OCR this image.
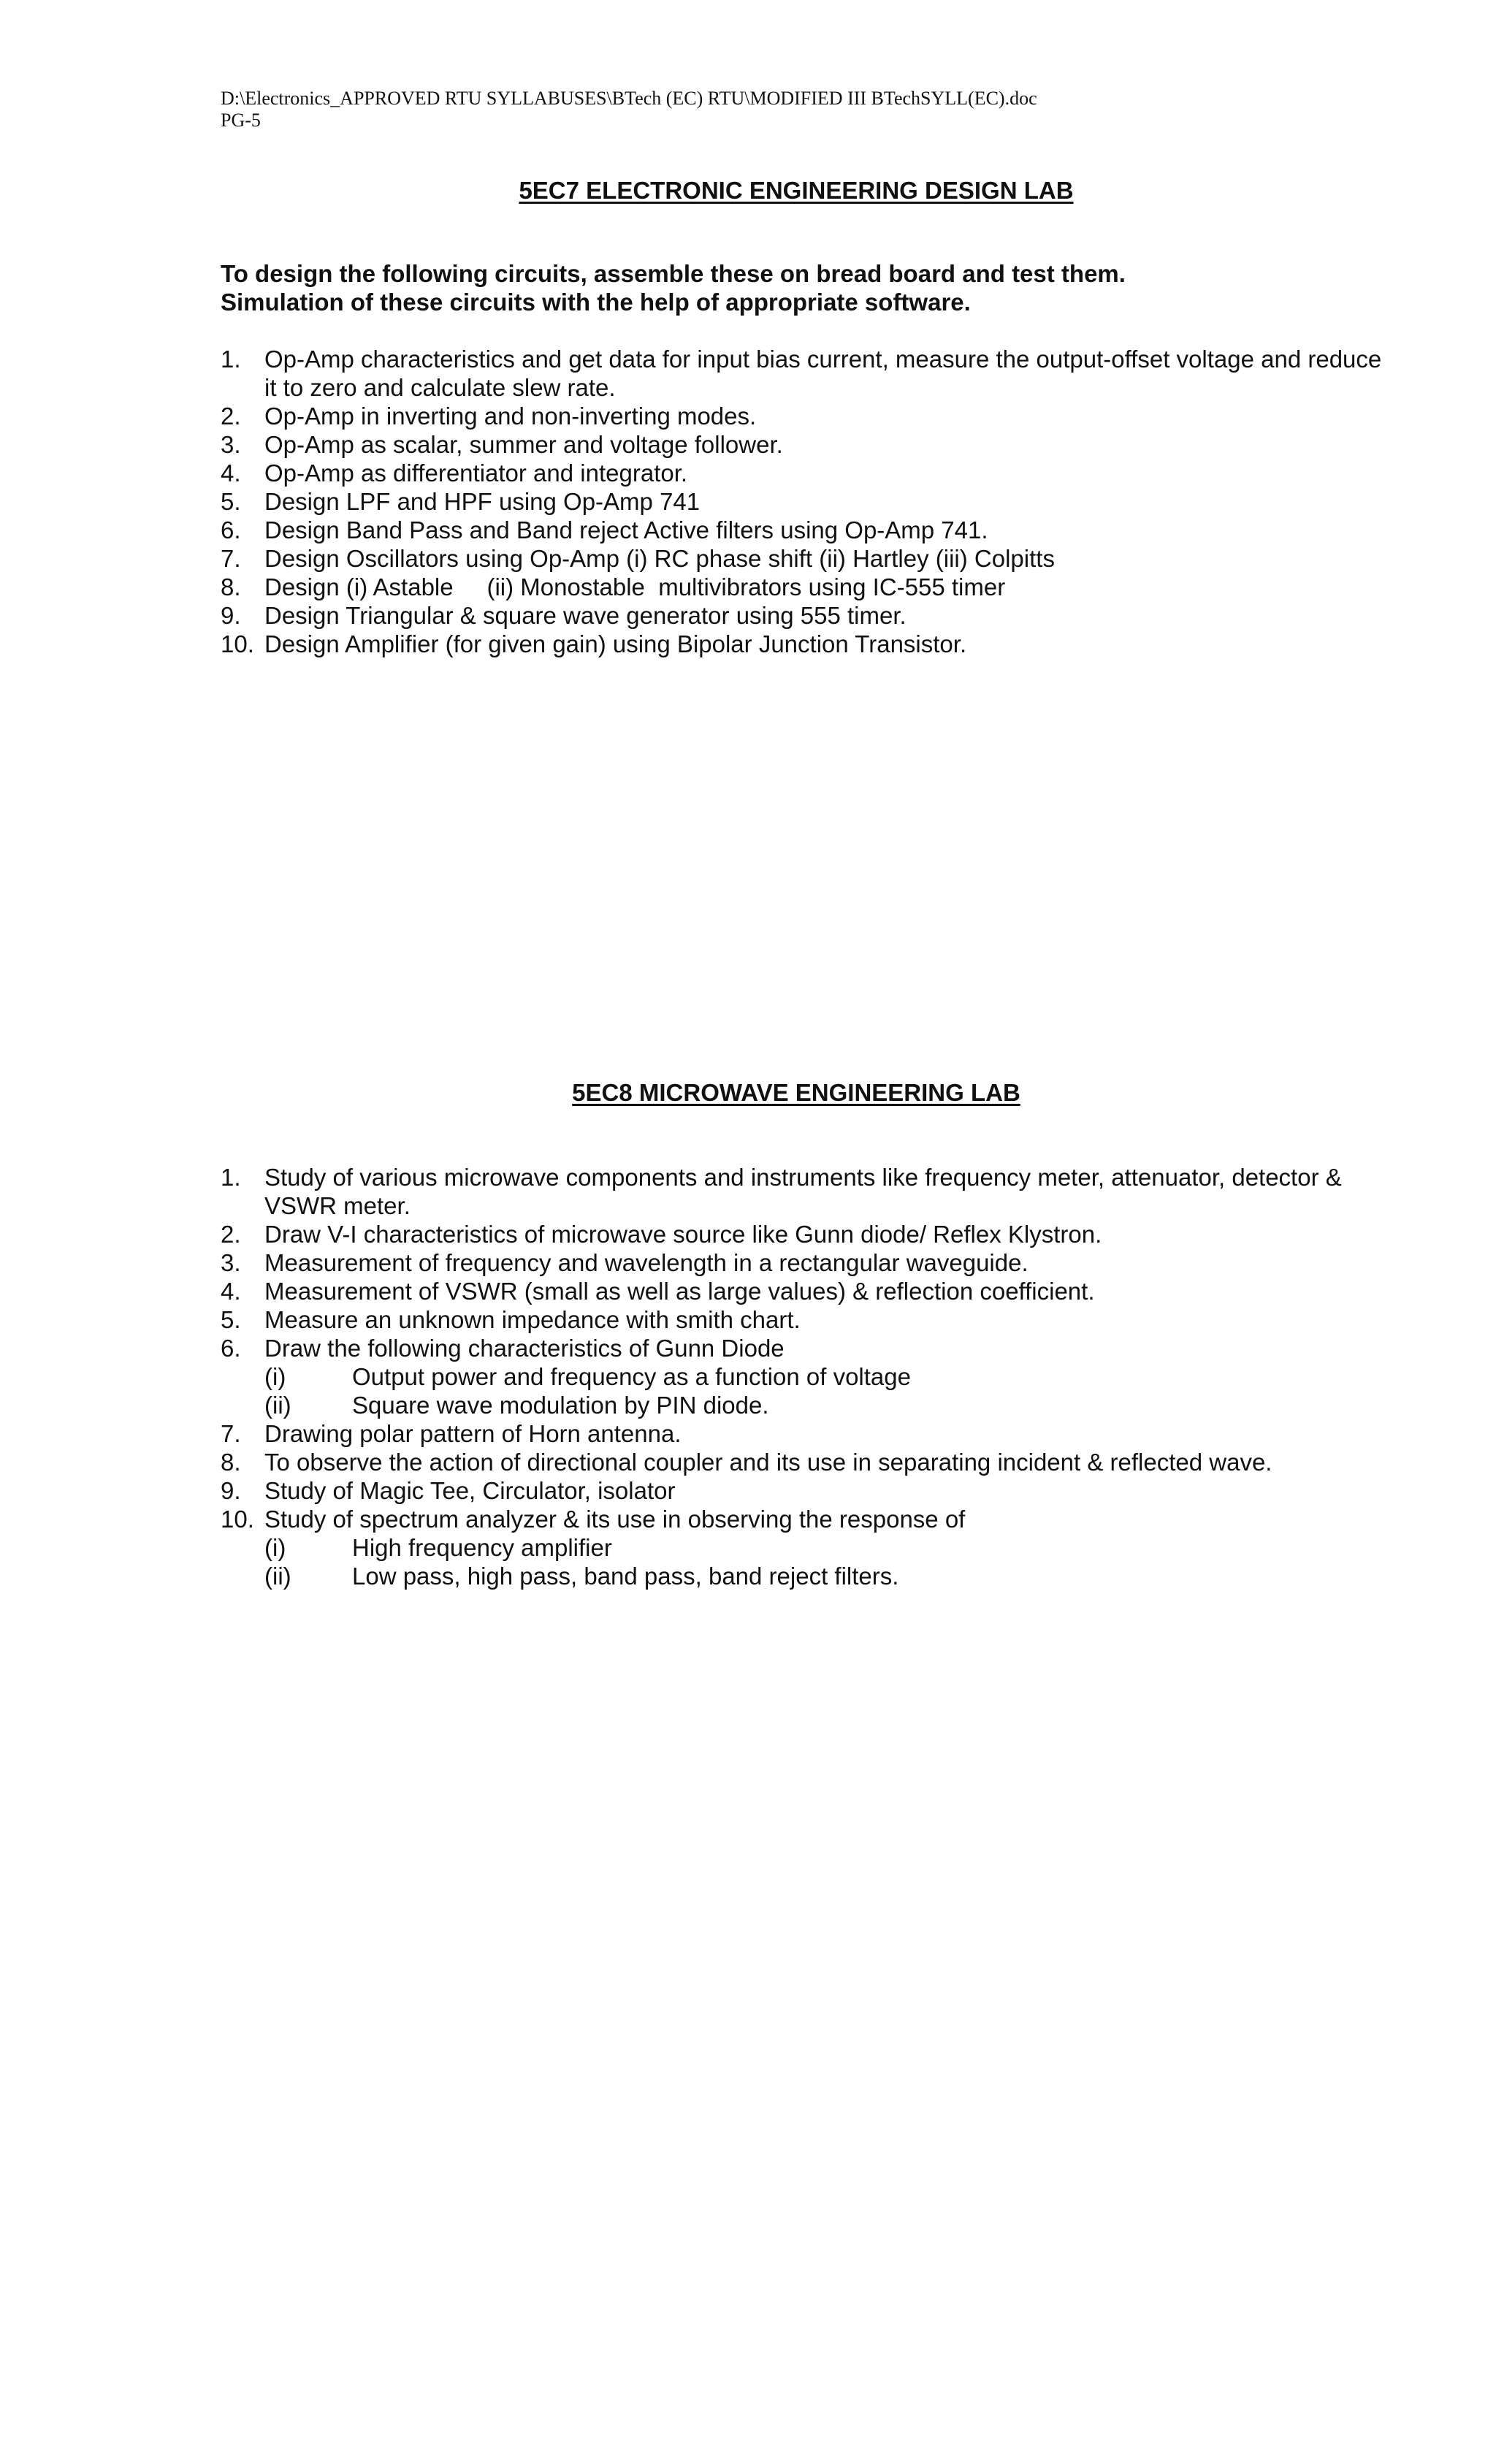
D:\Electronics_APPROVED RTU SYLLABUSES\BTech (EC) RTU\MODIFIED III BTechSYLL(EC).doc
PG-5
5EC7 ELECTRONIC ENGINEERING DESIGN LAB
To design the following circuits, assemble these on bread board and test them.
Simulation of these circuits with the help of appropriate software.
1. Op-Amp characteristics and get data for input bias current, measure the output-offset voltage and reduce it to zero and calculate slew rate.
2. Op-Amp in inverting and non-inverting modes.
3. Op-Amp as scalar, summer and voltage follower.
4. Op-Amp as differentiator and integrator.
5. Design LPF and HPF using Op-Amp 741
6. Design Band Pass and Band reject Active filters using Op-Amp 741.
7. Design Oscillators using Op-Amp (i) RC phase shift (ii) Hartley (iii) Colpitts
8. Design (i) Astable     (ii) Monostable  multivibrators using IC-555 timer
9. Design Triangular & square wave generator using 555 timer.
10. Design Amplifier (for given gain) using Bipolar Junction Transistor.
5EC8 MICROWAVE ENGINEERING LAB
1. Study of various microwave components and instruments like frequency meter, attenuator, detector & VSWR meter.
2. Draw V-I characteristics of microwave source like Gunn diode/ Reflex Klystron.
3. Measurement of frequency and wavelength in a rectangular waveguide.
4. Measurement of VSWR (small as well as large values) & reflection coefficient.
5. Measure an unknown impedance with smith chart.
6. Draw the following characteristics of Gunn Diode
(i)	Output power and frequency as a function of voltage
(ii)	Square wave modulation by PIN diode.
7. Drawing polar pattern of Horn antenna.
8. To observe the action of directional coupler and its use in separating incident & reflected wave.
9. Study of Magic Tee, Circulator, isolator
10. Study of spectrum analyzer & its use in observing the response of
(i)	High frequency amplifier
(ii)	Low pass, high pass, band pass, band reject filters.
